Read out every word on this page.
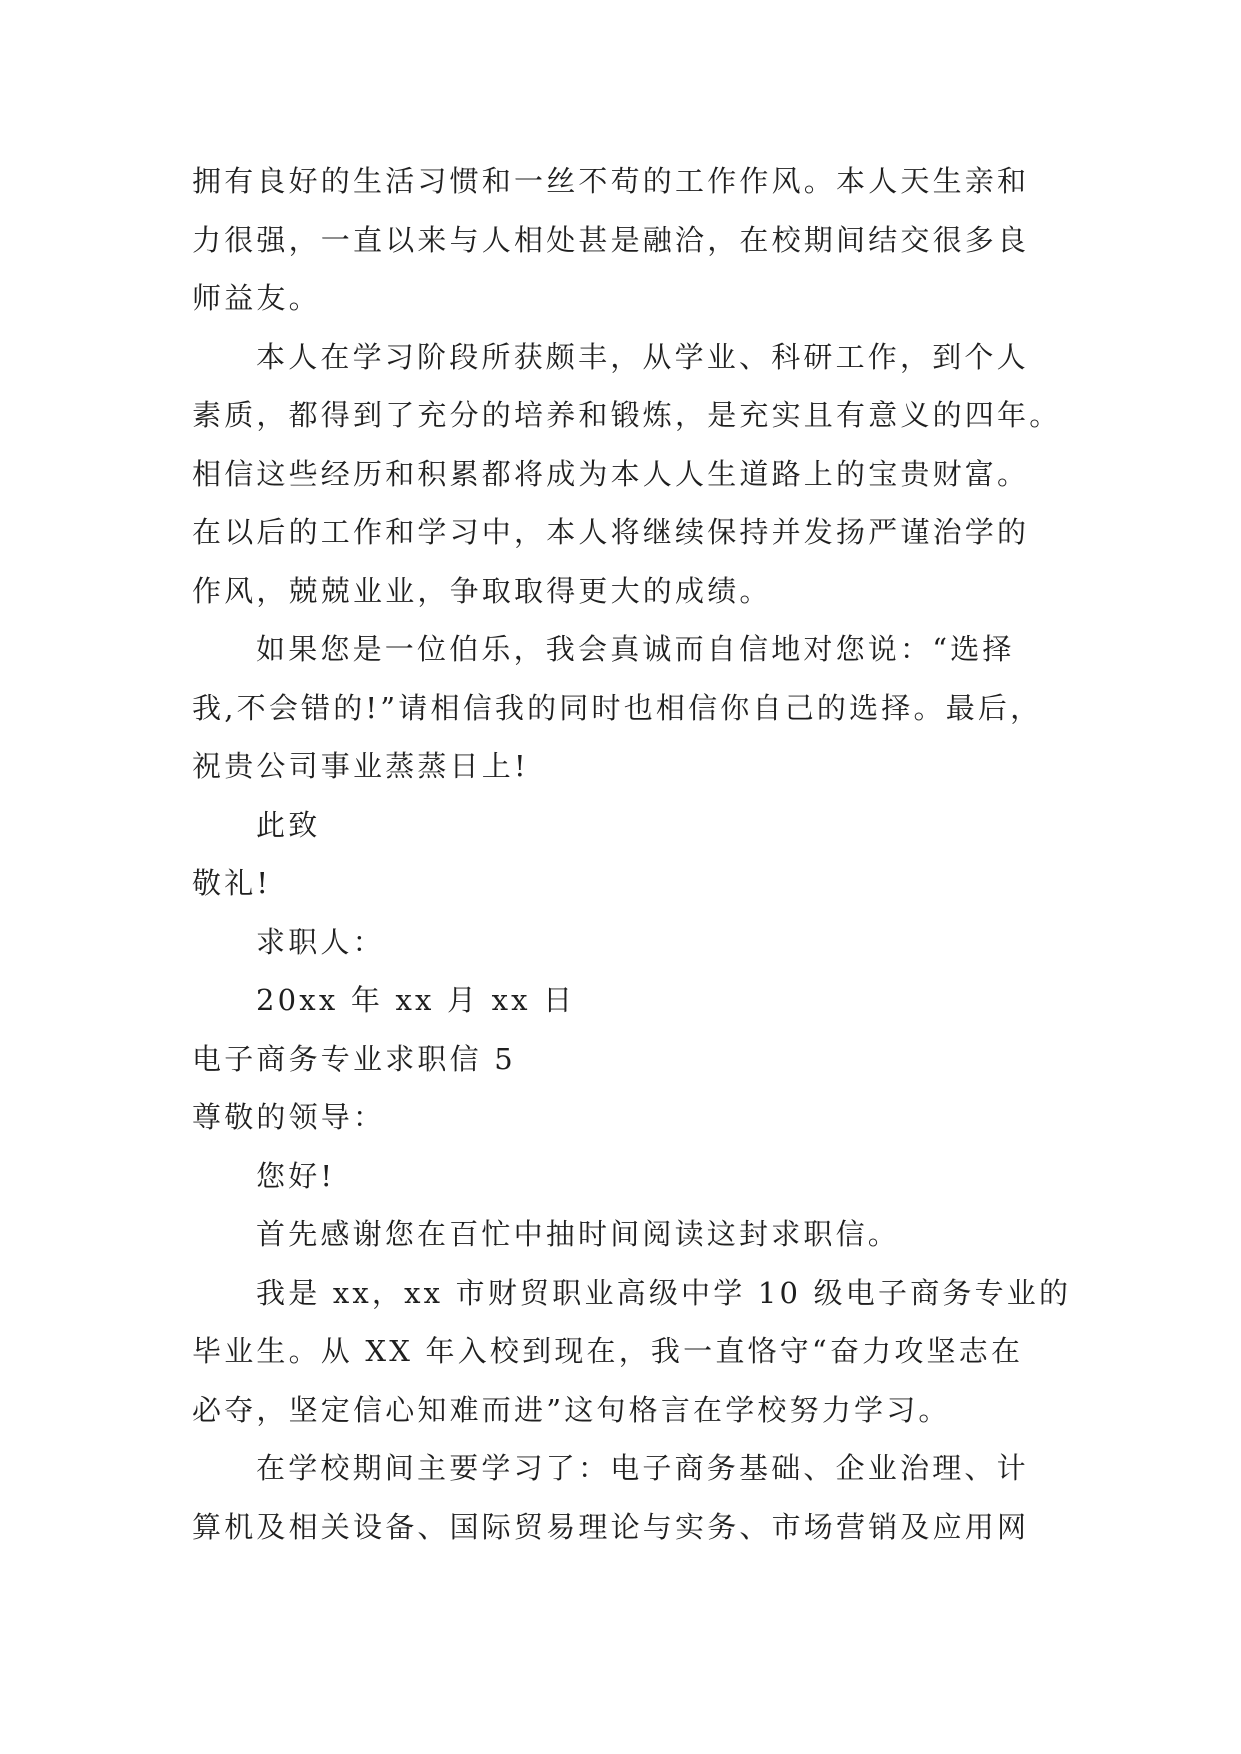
拥有良好的生活习惯和一丝不苟的工作作风。本人天生亲和
力很强，一直以来与人相处甚是融洽，在校期间结交很多良
师益友。
本人在学习阶段所获颇丰，从学业、科研工作，到个人
素质，都得到了充分的培养和锻炼，是充实且有意义的四年。
相信这些经历和积累都将成为本人人生道路上的宝贵财富。
在以后的工作和学习中，本人将继续保持并发扬严谨治学的
作风，兢兢业业，争取取得更大的成绩。
如果您是一位伯乐，我会真诚而自信地对您说：“选择
我,不会错的!”请相信我的同时也相信你自己的选择。最后，
祝贵公司事业蒸蒸日上!
此致
敬礼!
求职人：
20xx 年 xx 月 xx 日
电子商务专业求职信 5
尊敬的领导：
您好!
首先感谢您在百忙中抽时间阅读这封求职信。
我是 xx，xx 市财贸职业高级中学 10 级电子商务专业的
毕业生。从 XX 年入校到现在，我一直恪守“奋力攻坚志在
必夺，坚定信心知难而进”这句格言在学校努力学习。
在学校期间主要学习了：电子商务基础、企业治理、计
算机及相关设备、国际贸易理论与实务、市场营销及应用网
